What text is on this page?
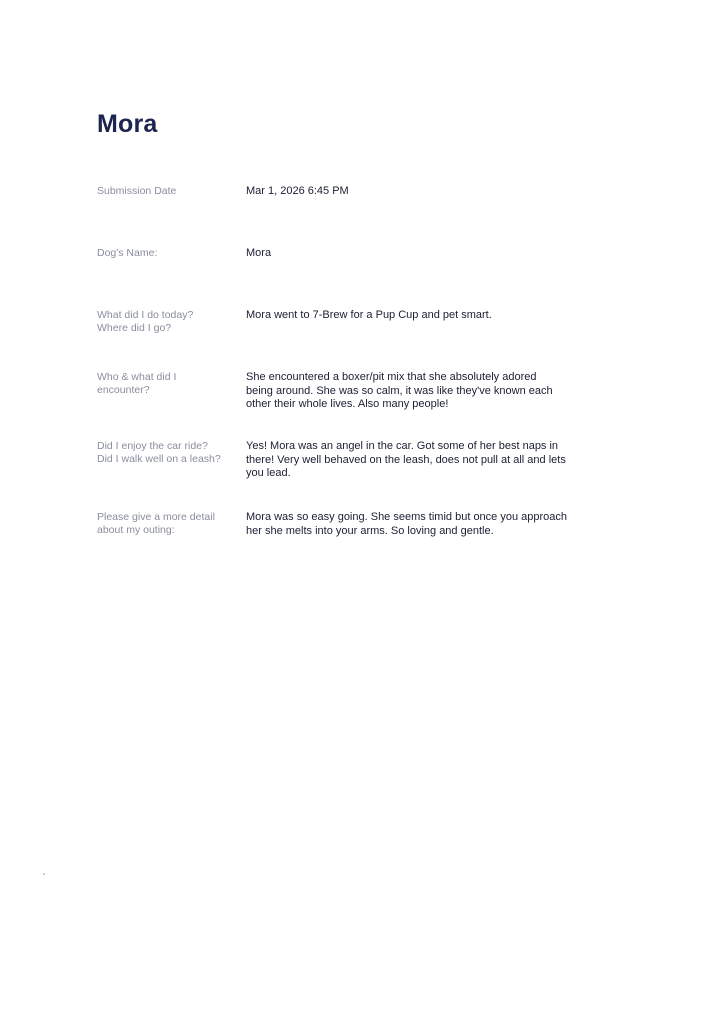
Mora
Submission Date	Mar 1, 2026 6:45 PM
Dog's Name:	Mora
What did I do today?
Where did I go?
Mora went to 7-Brew for a Pup Cup and pet smart.
Who & what did I
encounter?
She encountered a boxer/pit mix that she absolutely adored
being around. She was so calm, it was like they've known each
other their whole lives. Also many people!
Did I enjoy the car ride?
Did I walk well on a leash?
Yes! Mora was an angel in the car. Got some of her best naps in
there! Very well behaved on the leash, does not pull at all and lets
you lead.
Please give a more detail
about my outing:
Mora was so easy going. She seems timid but once you approach
her she melts into your arms. So loving and gentle.
